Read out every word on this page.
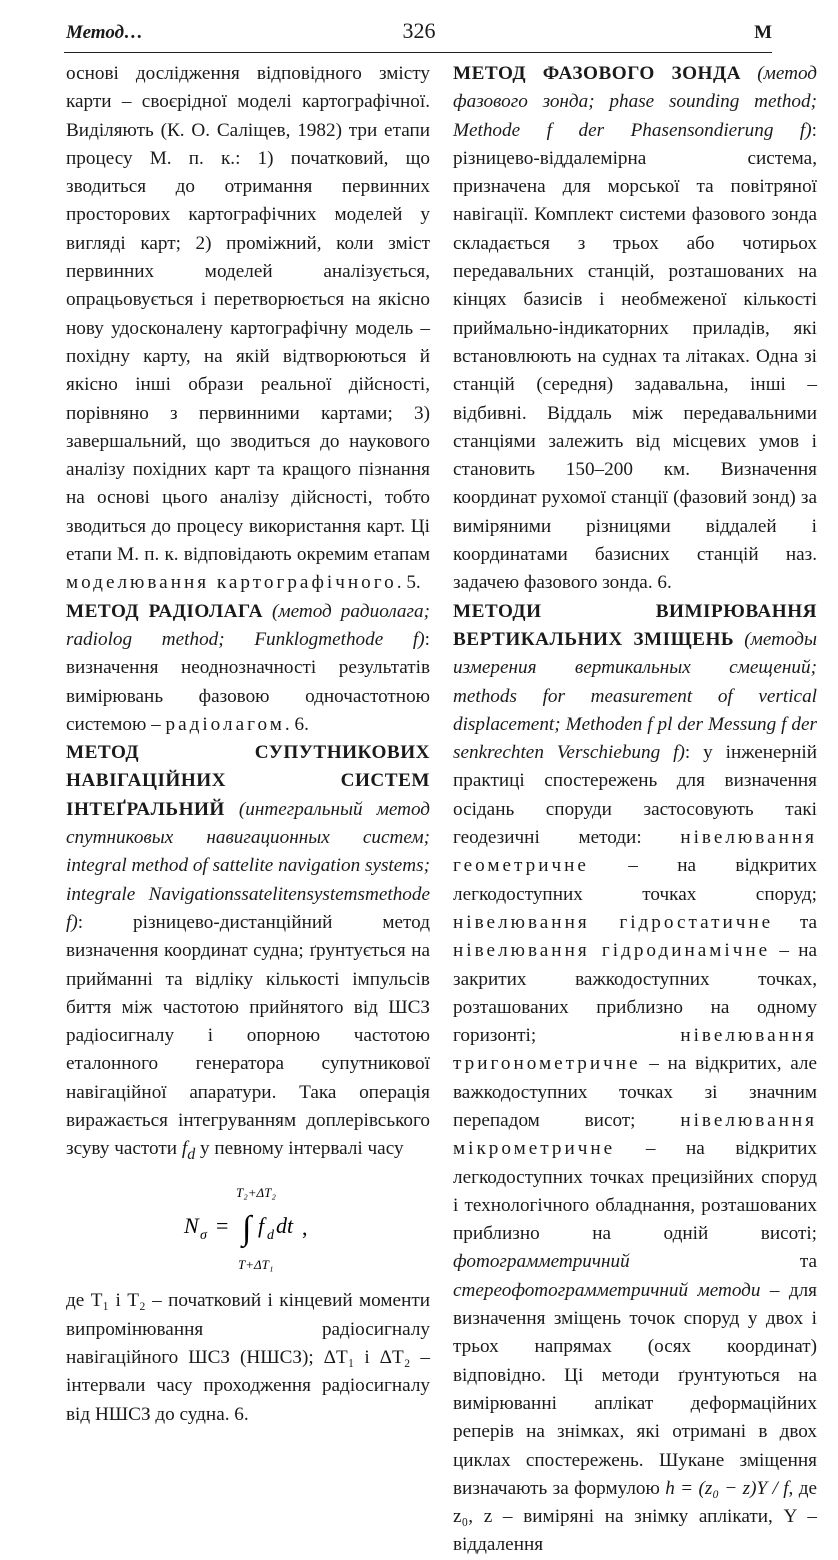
Метод…	326	М

основі дослідження відповідного змісту карти – своєрідної моделі картографічної. Виділяють (К. О. Саліщев, 1982) три етапи процесу М. п. к.: 1) початковий, що зводиться до отримання первинних просторових картографічних моделей у вигляді карт; 2) проміжний, коли зміст первинних моделей аналізується, опрацьовується і перетворюється на якісно нову удосконалену картографічну модель – похідну карту, на якій відтворюються й якісно інші образи реальної дійсності, порівняно з первинними картами; 3) завершальний, що зводиться до наукового аналізу похідних карт та кращого пізнання на основі цього аналізу дійсності, тобто зводиться до процесу використання карт. Ці етапи М. п. к. відповідають окремим етапам моделювання картографічного. 5.

МЕТОД РАДІОЛАГА (метод радиолага; radiolog method; Funklogmethode f): визначення неоднозначності результатів вимірювань фазовою одночастотною системою – радіолагом. 6.

МЕТОД СУПУТНИКОВИХ НАВІГАЦІЙНИХ СИСТЕМ ІНТЕҐРАЛЬНИЙ (интегральный метод спутниковых навигационных систем; integral method of sattelite navigation systems; integrale Navigationssatelitensystemsmethode f): різницево-дистанційний метод визначення координат судна; ґрунтується на прийманні та відліку кількості імпульсів биття між частотою прийнятого від ШСЗ радіосигналу і опорною частотою еталонного генератора супутникової навігаційної апаратури. Така операція виражається інтегруванням доплерівського зсуву частоти $f_d$ у певному інтервалі часу

N σ =
T₂+ΔT₂
∫
T+ΔT₁
f d dt ,

де T₁ і T₂ – початковий і кінцевий моменти випромінювання радіосигналу навігаційного ШСЗ (НШСЗ); ΔT₁ і ΔT₂ – інтервали часу проходження радіосигналу від НШСЗ до судна. 6.

МЕТОД ФАЗОВОГО ЗОНДА (метод фазового зонда; phase sounding method; Methode f der Phasensondierung f): різницево-віддалемірна система, призначена для морської та повітряної навігації. Комплект системи фазового зонда складається з трьох або чотирьох передавальних станцій, розташованих на кінцях базисів і необмеженої кількості приймально-індикаторних приладів, які встановлюють на суднах та літаках. Одна зі станцій (середня) задавальна, інші – відбивні. Віддаль між передавальними станціями залежить від місцевих умов і становить 150–200 км. Визначення координат рухомої станції (фазовий зонд) за виміряними різницями віддалей і координатами базисних станцій наз. задачею фазового зонда. 6.

МЕТОДИ ВИМІРЮВАННЯ ВЕРТИКАЛЬНИХ ЗМІЩЕНЬ (методы измерения вертикальных смещений; methods for measurement of vertical displacement; Methoden f pl der Messung f der senkrechten Verschiebung f): у інженерній практиці спостережень для визначення осідань споруди застосовують такі геодезичні методи: нівелювання геометричне – на відкритих легкодоступних точках споруд; нівелювання гідростатичне та нівелювання гідродинамічне – на закритих важкодоступних точках, розташованих приблизно на одному горизонті; нівелювання тригонометричне – на відкритих, але важкодоступних точках зі значним перепадом висот; нівелювання мікрометричне – на відкритих легкодоступних точках прецизійних споруд і технологічного обладнання, розташованих приблизно на одній висоті; фотограмметричний та стереофотограмметричний методи – для визначення зміщень точок споруд у двох і трьох напрямах (осях координат) відповідно. Ці методи ґрунтуються на вимірюванні аплікат деформаційних реперів на знімках, які отримані в двох циклах спостережень. Шукане зміщення визначають за формулою h = (z₀ − z)Y / f, де z₀, z – виміряні на знімку аплікати, Y – віддалення
